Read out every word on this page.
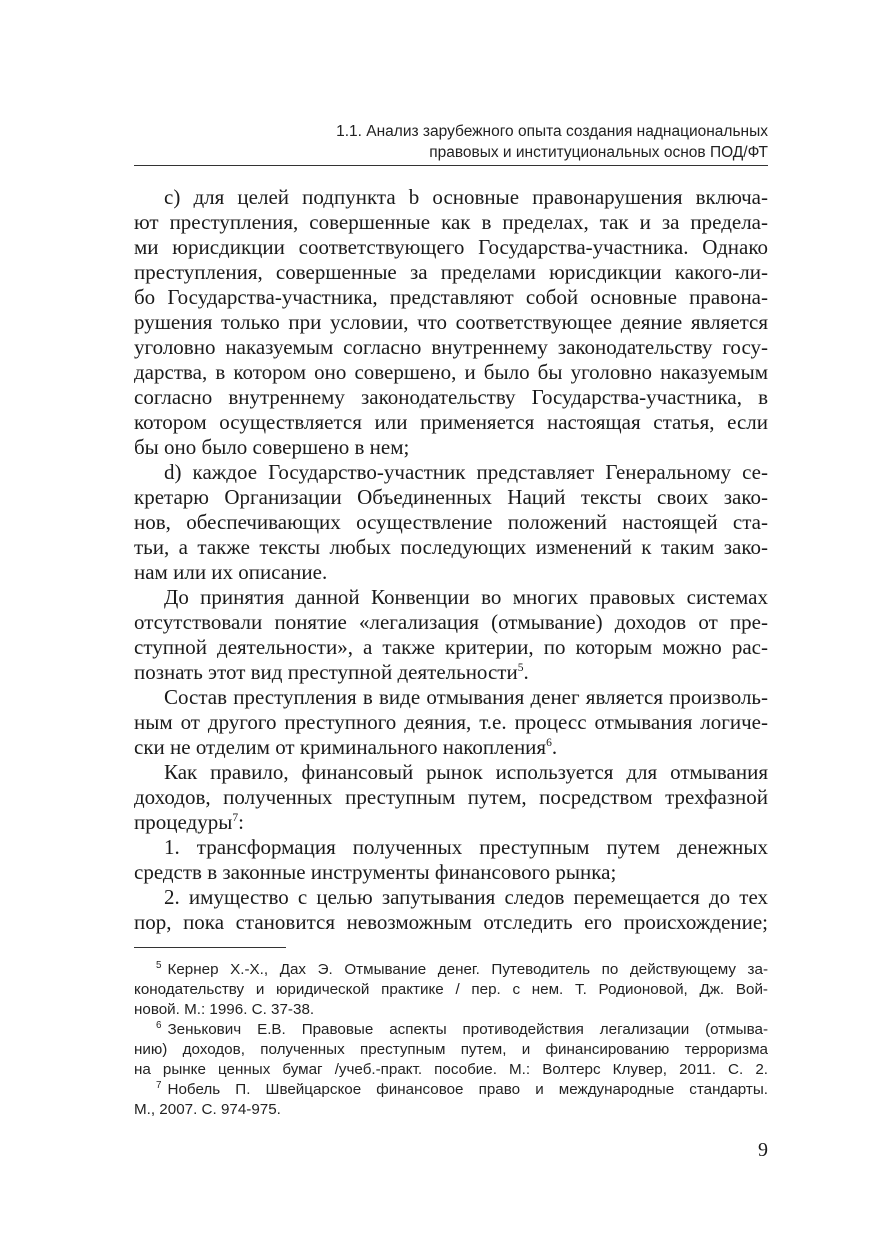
1.1. Анализ зарубежного опыта создания наднациональных
правовых и институциональных основ ПОД/ФТ
с) для целей подпункта b основные правонарушения включа-
ют преступления, совершенные как в пределах, так и за предела-
ми юрисдикции соответствующего Государства-участника. Однако
преступления, совершенные за пределами юрисдикции какого-ли-
бо Государства-участника, представляют собой основные правона-
рушения только при условии, что соответствующее деяние является
уголовно наказуемым согласно внутреннему законодательству госу-
дарства, в котором оно совершено, и было бы уголовно наказуемым
согласно внутреннему законодательству Государства-участника, в
котором осуществляется или применяется настоящая статья, если
бы оно было совершено в нем;
d) каждое Государство-участник представляет Генеральному се-
кретарю Организации Объединенных Наций тексты своих зако-
нов, обеспечивающих осуществление положений настоящей ста-
тьи, а также тексты любых последующих изменений к таким зако-
нам или их описание.
До принятия данной Конвенции во многих правовых системах
отсутствовали понятие «легализация (отмывание) доходов от пре-
ступной деятельности», а также критерии, по которым можно рас-
познать этот вид преступной деятельности$^5$.
Состав преступления в виде отмывания денег является произволь-
ным от другого преступного деяния, т.е. процесс отмывания логиче-
ски не отделим от криминального накопления$^6$.
Как правило, финансовый рынок используется для отмывания
доходов, полученных преступным путем, посредством трехфазной
процедуры$^7$:
1. трансформация полученных преступным путем денежных
средств в законные инструменты финансового рынка;
2. имущество с целью запутывания следов перемещается до тех
пор, пока становится невозможным отследить его происхождение;
$^5$ Кернер Х.-Х., Дах Э. Отмывание денег. Путеводитель по действующему за-
конодательству и юридической практике / пер. с нем. Т. Родионовой, Дж. Вой-
новой. М.: 1996. С. 37-38.
$^6$ Зенькович Е.В. Правовые аспекты противодействия легализации (отмыва-
нию) доходов, полученных преступным путем, и финансированию терроризма
на рынке ценных бумаг /учеб.-практ. пособие. М.: Волтерс Клувер, 2011. С. 2.
$^7$ Нобель П. Швейцарское финансовое право и международные стандарты.
М., 2007. С. 974-975.
9
